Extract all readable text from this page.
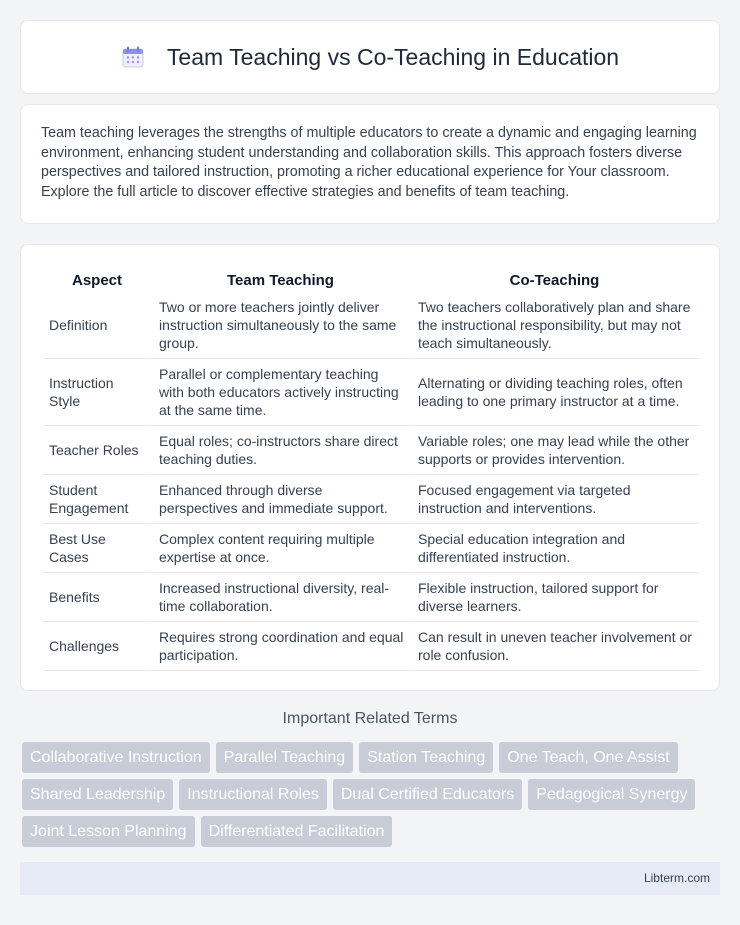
Team Teaching vs Co-Teaching in Education

Team teaching leverages the strengths of multiple educators to create a dynamic and engaging learning environment, enhancing student understanding and collaboration skills. This approach fosters diverse perspectives and tailored instruction, promoting a richer educational experience for Your classroom. Explore the full article to discover effective strategies and benefits of team teaching.

Aspect	Team Teaching	Co-Teaching
Definition	Two or more teachers jointly deliver instruction simultaneously to the same group.	Two teachers collaboratively plan and share the instructional responsibility, but may not teach simultaneously.
Instruction Style	Parallel or complementary teaching with both educators actively instructing at the same time.	Alternating or dividing teaching roles, often leading to one primary instructor at a time.
Teacher Roles	Equal roles; co-instructors share direct teaching duties.	Variable roles; one may lead while the other supports or provides intervention.
Student Engagement	Enhanced through diverse perspectives and immediate support.	Focused engagement via targeted instruction and interventions.
Best Use Cases	Complex content requiring multiple expertise at once.	Special education integration and differentiated instruction.
Benefits	Increased instructional diversity, real-time collaboration.	Flexible instruction, tailored support for diverse learners.
Challenges	Requires strong coordination and equal participation.	Can result in uneven teacher involvement or role confusion.
Important Related Terms
Collaborative Instruction	Parallel Teaching	Station Teaching	One Teach, One Assist
Shared Leadership	Instructional Roles	Dual Certified Educators	Pedagogical Synergy
Joint Lesson Planning	Differentiated Facilitation
Libterm.com
